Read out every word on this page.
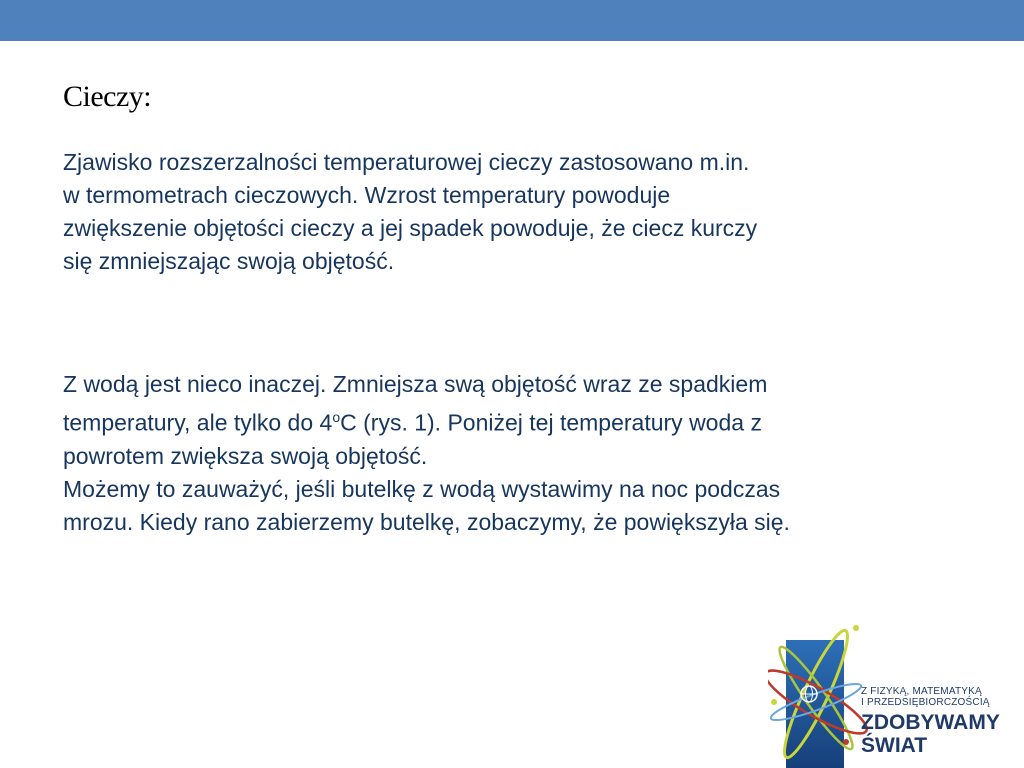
Cieczy:
Zjawisko rozszerzalności temperaturowej cieczy zastosowano m.in.
w termometrach cieczowych. Wzrost temperatury powoduje
zwiększenie objętości cieczy a jej spadek powoduje, że ciecz kurczy
się zmniejszając swoją objętość.
Z wodą jest nieco inaczej. Zmniejsza swą objętość wraz ze spadkiem
temperatury, ale tylko do 4$^o$C (rys. 1). Poniżej tej temperatury woda z
powrotem zwiększa swoją objętość.
Możemy to zauważyć, jeśli butelkę z wodą wystawimy na noc podczas
mrozu. Kiedy rano zabierzemy butelkę, zobaczymy, że powiększyła się.
Z FIZYKĄ, MATEMATYKĄ
I PRZEDSIĘBIORCZOŚCIĄ
ZDOBYWAMY
ŚWIAT
